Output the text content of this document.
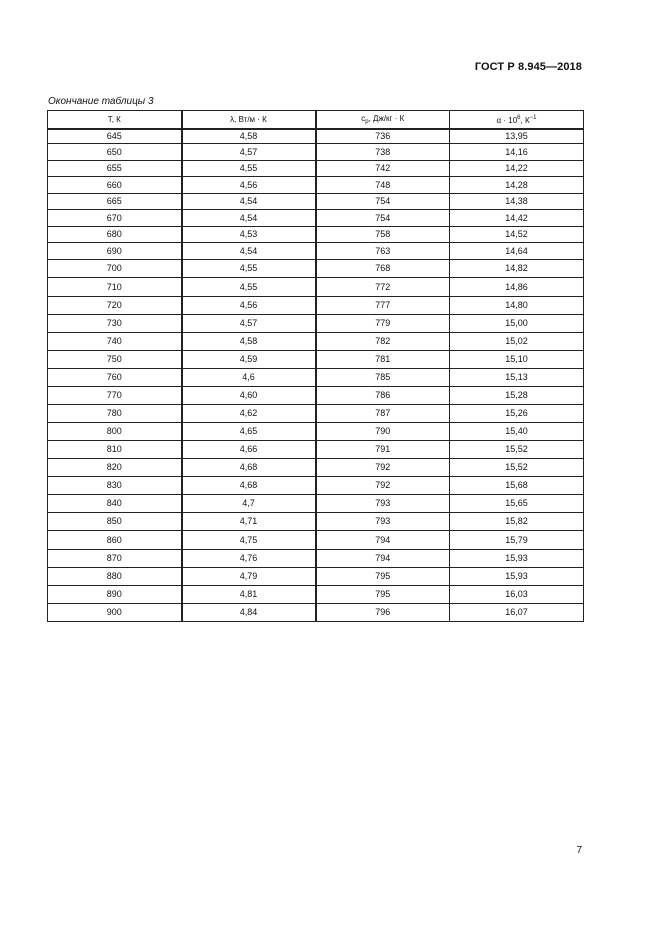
ГОСТ Р 8.945—2018
Окончание таблицы 3
T, К	λ, Вт/м · К	$c_p$, Дж/кг · К	$\alpha \cdot 10^6$, $К^{-1}$
645	4,58	736	13,95
650	4,57	738	14,16
655	4,55	742	14,22
660	4,56	748	14,28
665	4,54	754	14,38
670	4,54	754	14,42
680	4,53	758	14,52
690	4,54	763	14,64
700	4,55	768	14,82
710	4,55	772	14,86
720	4,56	777	14,80
730	4,57	779	15,00
740	4,58	782	15,02
750	4,59	781	15,10
760	4,6	785	15,13
770	4,60	786	15,28
780	4,62	787	15,26
800	4,65	790	15,40
810	4,66	791	15,52
820	4,68	792	15,52
830	4,68	792	15,68
840	4,7	793	15,65
850	4,71	793	15,82
860	4,75	794	15,79
870	4,76	794	15,93
880	4,79	795	15,93
890	4,81	795	16,03
900	4,84	796	16,07
7
